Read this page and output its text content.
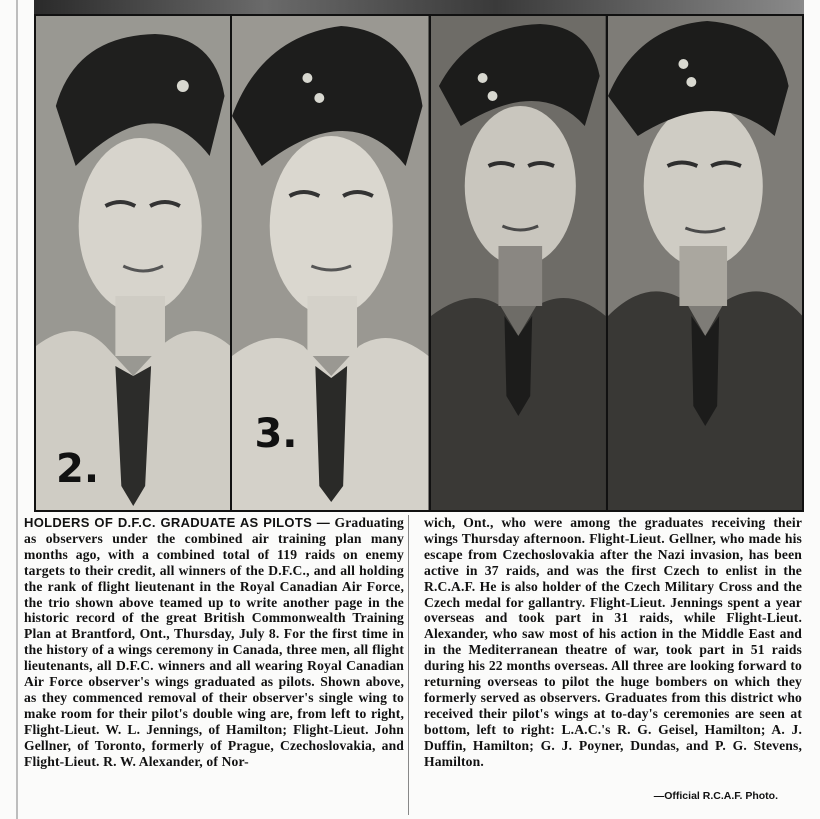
2.
3.
HOLDERS OF D.F.C. GRADUATE AS PILOTS — Graduating as observers under the combined air training plan many months ago, with a combined total of 119 raids on enemy targets to their credit, all winners of the D.F.C., and all holding the rank of flight lieutenant in the Royal Canadian Air Force, the trio shown above teamed up to write another page in the historic record of the great British Commonwealth Training Plan at Brantford, Ont., Thursday, July 8. For the first time in the history of a wings ceremony in Canada, three men, all flight lieutenants, all D.F.C. winners and all wearing Royal Canadian Air Force observer's wings graduated as pilots. Shown above, as they commenced removal of their observer's single wing to make room for their pilot's double wing are, from left to right, Flight-Lieut. W. L. Jennings, of Hamilton; Flight-Lieut. John Gellner, of Toronto, formerly of Prague, Czechoslovakia, and Flight-Lieut. R. W. Alexander, of Nor-
wich, Ont., who were among the graduates receiving their wings Thursday afternoon. Flight-Lieut. Gellner, who made his escape from Czechoslovakia after the Nazi invasion, has been active in 37 raids, and was the first Czech to enlist in the R.C.A.F. He is also holder of the Czech Military Cross and the Czech medal for gallantry. Flight-Lieut. Jennings spent a year overseas and took part in 31 raids, while Flight-Lieut. Alexander, who saw most of his action in the Middle East and in the Mediterranean theatre of war, took part in 51 raids during his 22 months overseas. All three are looking forward to returning overseas to pilot the huge bombers on which they formerly served as observers. Graduates from this district who received their pilot's wings at to-day's ceremonies are seen at bottom, left to right: L.A.C.'s R. G. Geisel, Hamilton; A. J. Duffin, Hamilton; G. J. Poyner, Dundas, and P. G. Stevens, Hamilton.
—Official R.C.A.F. Photo.
